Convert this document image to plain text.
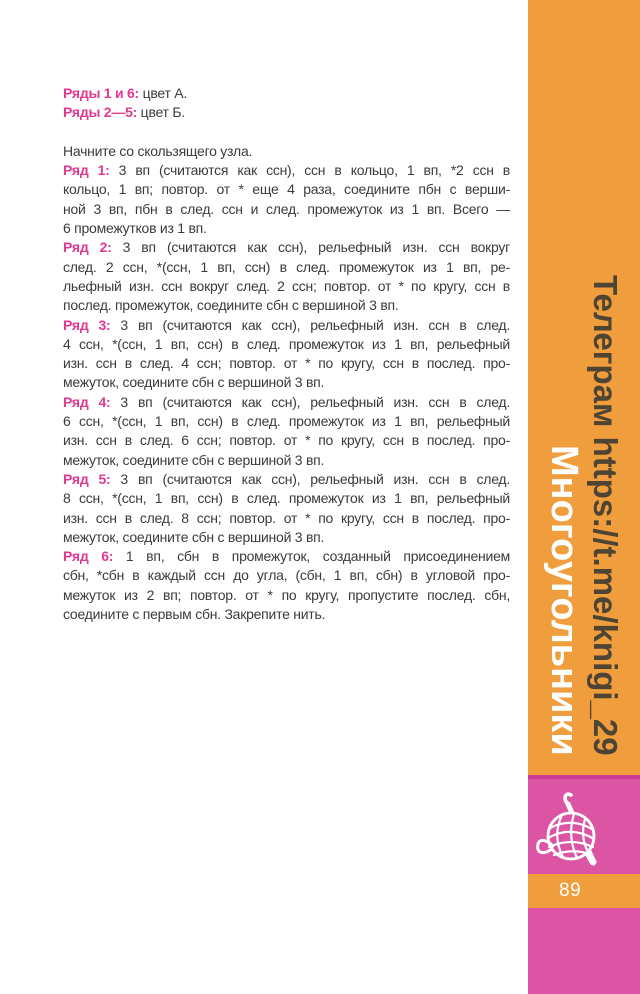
Ряды 1 и 6: цвет А.
Ряды 2—5: цвет Б.

Начните со скользящего узла.

Ряд 1: 3 вп (считаются как ссн), ссн в кольцо, 1 вп, *2 ссн в
кольцо, 1 вп; повтор. от * еще 4 раза, соедините пбн с верши-
ной 3 вп, пбн в след. ссн и след. промежуток из 1 вп. Всего —
6 промежутков из 1 вп.
Ряд 2: 3 вп (считаются как ссн), рельефный изн. ссн вокруг
след. 2 ссн, *(ссн, 1 вп, ссн) в след. промежуток из 1 вп, ре-
льефный изн. ссн вокруг след. 2 ссн; повтор. от * по кругу, ссн в
послед. промежуток, соедините сбн с вершиной 3 вп.
Ряд 3: 3 вп (считаются как ссн), рельефный изн. ссн в след.
4 ссн, *(ссн, 1 вп, ссн) в след. промежуток из 1 вп, рельефный
изн. ссн в след. 4 ссн; повтор. от * по кругу, ссн в послед. про-
межуток, соедините сбн с вершиной 3 вп.
Ряд 4: 3 вп (считаются как ссн), рельефный изн. ссн в след.
6 ссн, *(ссн, 1 вп, ссн) в след. промежуток из 1 вп, рельефный
изн. ссн в след. 6 ссн; повтор. от * по кругу, ссн в послед. про-
межуток, соедините сбн с вершиной 3 вп.
Ряд 5: 3 вп (считаются как ссн), рельефный изн. ссн в след.
8 ссн, *(ссн, 1 вп, ссн) в след. промежуток из 1 вп, рельефный
изн. ссн в след. 8 ссн; повтор. от * по кругу, ссн в послед. про-
межуток, соедините сбн с вершиной 3 вп.
Ряд 6: 1 вп, сбн в промежуток, созданный присоединением
сбн, *сбн в каждый ссн до угла, (сбн, 1 вп, сбн) в угловой про-
межуток из 2 вп; повтор. от * по кругу, пропустите послед. сбн,
соедините с первым сбн. Закрепите нить.	Телеграм https://t.me/knigi_29
Многоугольники
89
